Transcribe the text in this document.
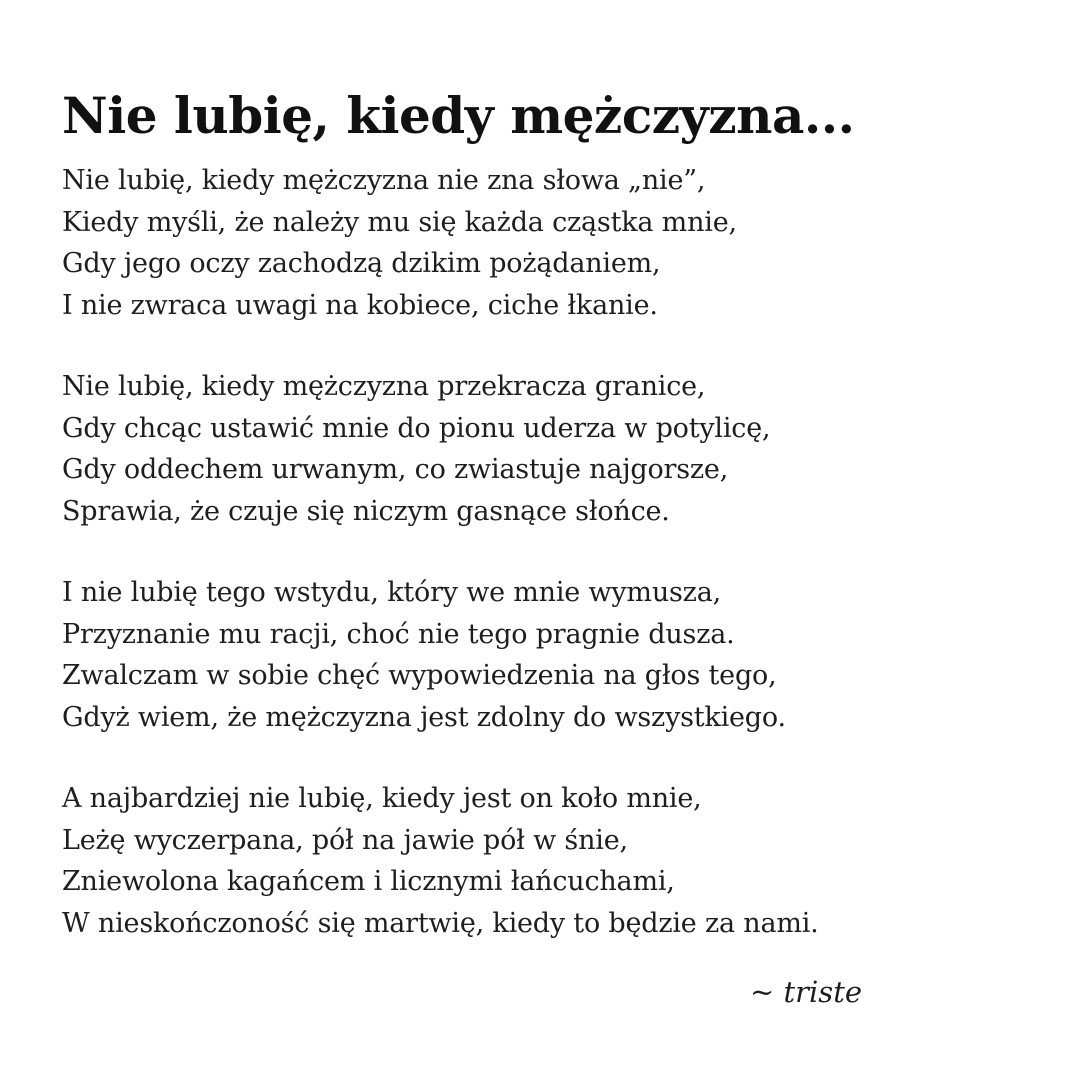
Nie lubię, kiedy mężczyzna...
Nie lubię, kiedy mężczyzna nie zna słowa „nie”,
Kiedy myśli, że należy mu się każda cząstka mnie,
Gdy jego oczy zachodzą dzikim pożądaniem,
I nie zwraca uwagi na kobiece, ciche łkanie.
Nie lubię, kiedy mężczyzna przekracza granice,
Gdy chcąc ustawić mnie do pionu uderza w potylicę,
Gdy oddechem urwanym, co zwiastuje najgorsze,
Sprawia, że czuje się niczym gasnące słońce.
I nie lubię tego wstydu, który we mnie wymusza,
Przyznanie mu racji, choć nie tego pragnie dusza.
Zwalczam w sobie chęć wypowiedzenia na głos tego,
Gdyż wiem, że mężczyzna jest zdolny do wszystkiego.
A najbardziej nie lubię, kiedy jest on koło mnie,
Leżę wyczerpana, pół na jawie pół w śnie,
Zniewolona kagańcem i licznymi łańcuchami,
W nieskończoność się martwię, kiedy to będzie za nami.
~ triste
